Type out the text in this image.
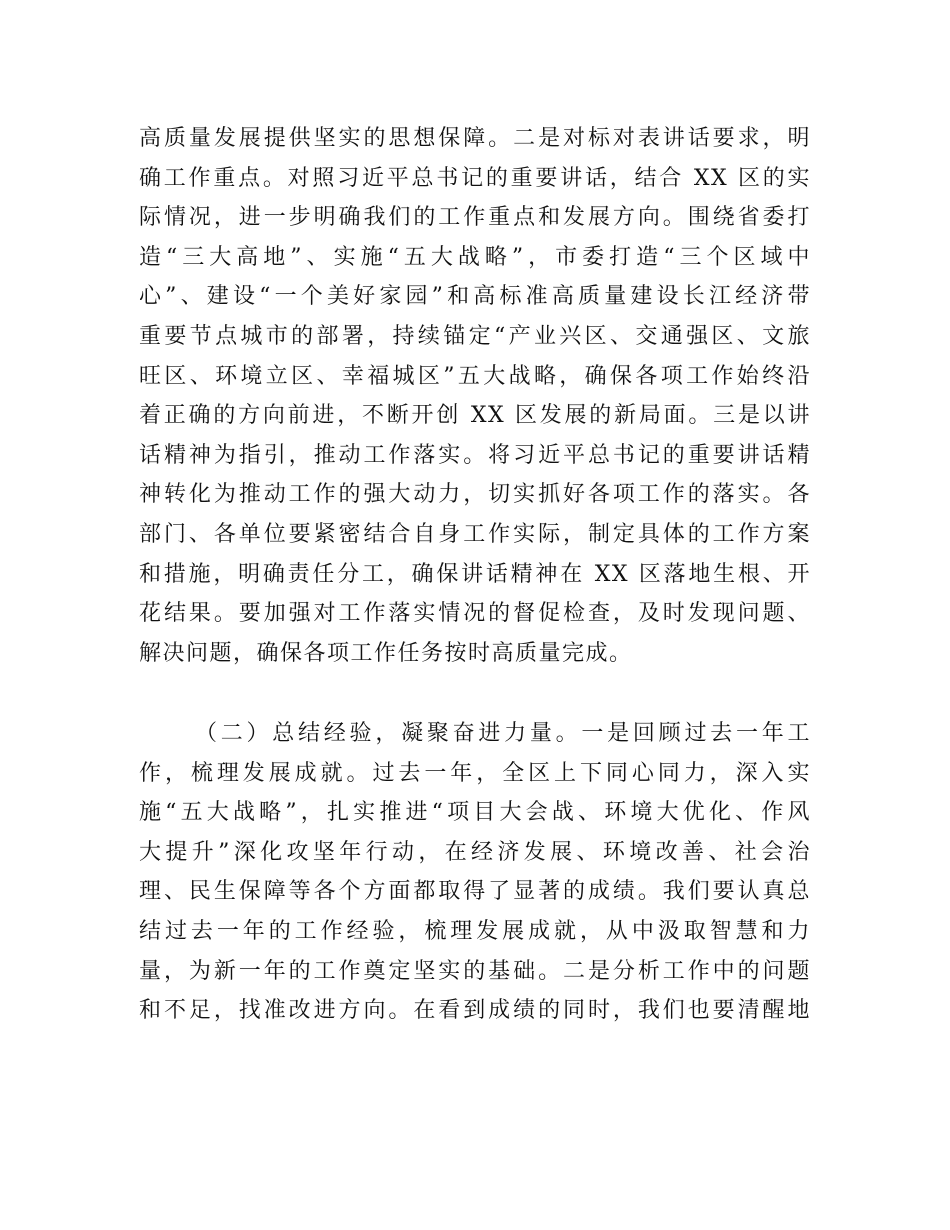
高质量发展提供坚实的思想保障。二是对标对表讲话要求，明
确工作重点。对照习近平总书记的重要讲话，结合 XX 区的实
际情况，进一步明确我们的工作重点和发展方向。围绕省委打
造“三大高地”、实施“五大战略”，市委打造“三个区域中
心”、建设“一个美好家园”和高标准高质量建设长江经济带
重要节点城市的部署，持续锚定“产业兴区、交通强区、文旅
旺区、环境立区、幸福城区”五大战略，确保各项工作始终沿
着正确的方向前进，不断开创 XX 区发展的新局面。三是以讲
话精神为指引，推动工作落实。将习近平总书记的重要讲话精
神转化为推动工作的强大动力，切实抓好各项工作的落实。各
部门、各单位要紧密结合自身工作实际，制定具体的工作方案
和措施，明确责任分工，确保讲话精神在 XX 区落地生根、开
花结果。要加强对工作落实情况的督促检查，及时发现问题、
解决问题，确保各项工作任务按时高质量完成。
（二）总结经验，凝聚奋进力量。一是回顾过去一年工
作，梳理发展成就。过去一年，全区上下同心同力，深入实
施“五大战略”，扎实推进“项目大会战、环境大优化、作风
大提升”深化攻坚年行动，在经济发展、环境改善、社会治
理、民生保障等各个方面都取得了显著的成绩。我们要认真总
结过去一年的工作经验，梳理发展成就，从中汲取智慧和力
量，为新一年的工作奠定坚实的基础。二是分析工作中的问题
和不足，找准改进方向。在看到成绩的同时，我们也要清醒地
